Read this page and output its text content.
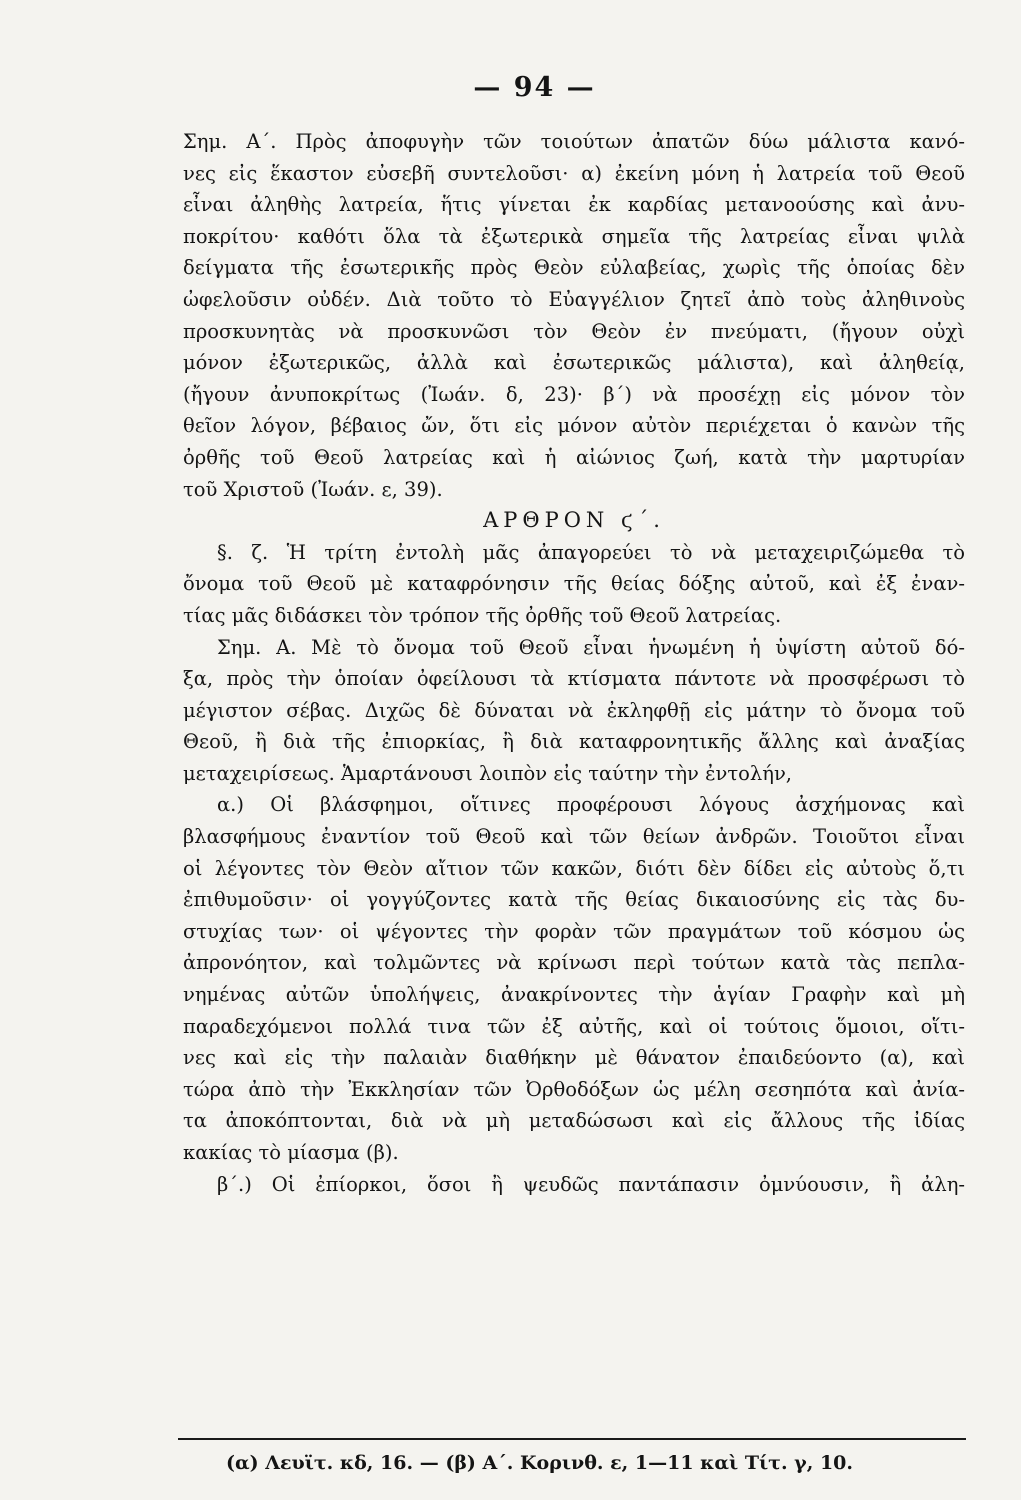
— 94 —
Σημ. Α΄. Πρὸς ἀποφυγὴν τῶν τοιούτων ἀπατῶν δύω μάλιστα κανό-
νες εἰς ἕκαστον εὐσεβῆ συντελοῦσι· α) ἐκείνη μόνη ἡ λατρεία τοῦ Θεοῦ
εἶναι ἀληθὴς λατρεία, ἥτις γίνεται ἐκ καρδίας μετανοούσης καὶ ἀνυ-
ποκρίτου· καθότι ὅλα τὰ ἐξωτερικὰ σημεῖα τῆς λατρείας εἶναι ψιλὰ
δείγματα τῆς ἐσωτερικῆς πρὸς Θεὸν εὐλαβείας, χωρὶς τῆς ὁποίας δὲν
ὠφελοῦσιν οὐδέν. Διὰ τοῦτο τὸ Εὐαγγέλιον ζητεῖ ἀπὸ τοὺς ἀληθινοὺς
προσκυνητὰς νὰ προσκυνῶσι τὸν Θεὸν ἐν πνεύματι, (ἤγουν οὐχὶ
μόνον ἐξωτερικῶς, ἀλλὰ καὶ ἐσωτερικῶς μάλιστα), καὶ ἀληθείᾳ,
(ἤγουν ἀνυποκρίτως (Ἰωάν. δ, 23)· β΄) νὰ προσέχῃ εἰς μόνον τὸν
θεῖον λόγον, βέβαιος ὤν, ὅτι εἰς μόνον αὐτὸν περιέχεται ὁ κανὼν τῆς
ὀρθῆς τοῦ Θεοῦ λατρείας καὶ ἡ αἰώνιος ζωή, κατὰ τὴν μαρτυρίαν
τοῦ Χριστοῦ (Ἰωάν. ε, 39).
ΑΡΘΡΟΝ ϛ΄.
§. ζ. Ἡ τρίτη ἐντολὴ μᾶς ἀπαγορεύει τὸ νὰ μεταχειριζώμεθα τὸ
ὄνομα τοῦ Θεοῦ μὲ καταφρόνησιν τῆς θείας δόξης αὐτοῦ, καὶ ἐξ ἐναν-
τίας μᾶς διδάσκει τὸν τρόπον τῆς ὀρθῆς τοῦ Θεοῦ λατρείας.
Σημ. Α. Μὲ τὸ ὄνομα τοῦ Θεοῦ εἶναι ἡνωμένη ἡ ὑψίστη αὐτοῦ δό-
ξα, πρὸς τὴν ὁποίαν ὀφείλουσι τὰ κτίσματα πάντοτε νὰ προσφέρωσι τὸ
μέγιστον σέβας. Διχῶς δὲ δύναται νὰ ἐκληφθῇ εἰς μάτην τὸ ὄνομα τοῦ
Θεοῦ, ἢ διὰ τῆς ἐπιορκίας, ἢ διὰ καταφρονητικῆς ἄλλης καὶ ἀναξίας
μεταχειρίσεως. Ἁμαρτάνουσι λοιπὸν εἰς ταύτην τὴν ἐντολήν,
α.) Οἱ βλάσφημοι, οἵτινες προφέρουσι λόγους ἀσχήμονας καὶ
βλασφήμους ἐναντίον τοῦ Θεοῦ καὶ τῶν θείων ἀνδρῶν. Τοιοῦτοι εἶναι
οἱ λέγοντες τὸν Θεὸν αἴτιον τῶν κακῶν, διότι δὲν δίδει εἰς αὐτοὺς ὅ,τι
ἐπιθυμοῦσιν· οἱ γογγύζοντες κατὰ τῆς θείας δικαιοσύνης εἰς τὰς δυ-
στυχίας των· οἱ ψέγοντες τὴν φορὰν τῶν πραγμάτων τοῦ κόσμου ὡς
ἀπρονόητον, καὶ τολμῶντες νὰ κρίνωσι περὶ τούτων κατὰ τὰς πεπλα-
νημένας αὐτῶν ὑπολήψεις, ἀνακρίνοντες τὴν ἁγίαν Γραφὴν καὶ μὴ
παραδεχόμενοι πολλά τινα τῶν ἐξ αὐτῆς, καὶ οἱ τούτοις ὅμοιοι, οἵτι-
νες καὶ εἰς τὴν παλαιὰν διαθήκην μὲ θάνατον ἐπαιδεύοντο (α), καὶ
τώρα ἀπὸ τὴν Ἐκκλησίαν τῶν Ὀρθοδόξων ὡς μέλη σεσηπότα καὶ ἀνία-
τα ἀποκόπτονται, διὰ νὰ μὴ μεταδώσωσι καὶ εἰς ἄλλους τῆς ἰδίας
κακίας τὸ μίασμα (β).
β΄.) Οἱ ἐπίορκοι, ὅσοι ἢ ψευδῶς παντάπασιν ὀμνύουσιν, ἢ ἀλη-
(α) Λευϊτ. κδ, 16. — (β) Α΄. Κορινθ. ε, 1—11 καὶ Τίτ. γ, 10.
